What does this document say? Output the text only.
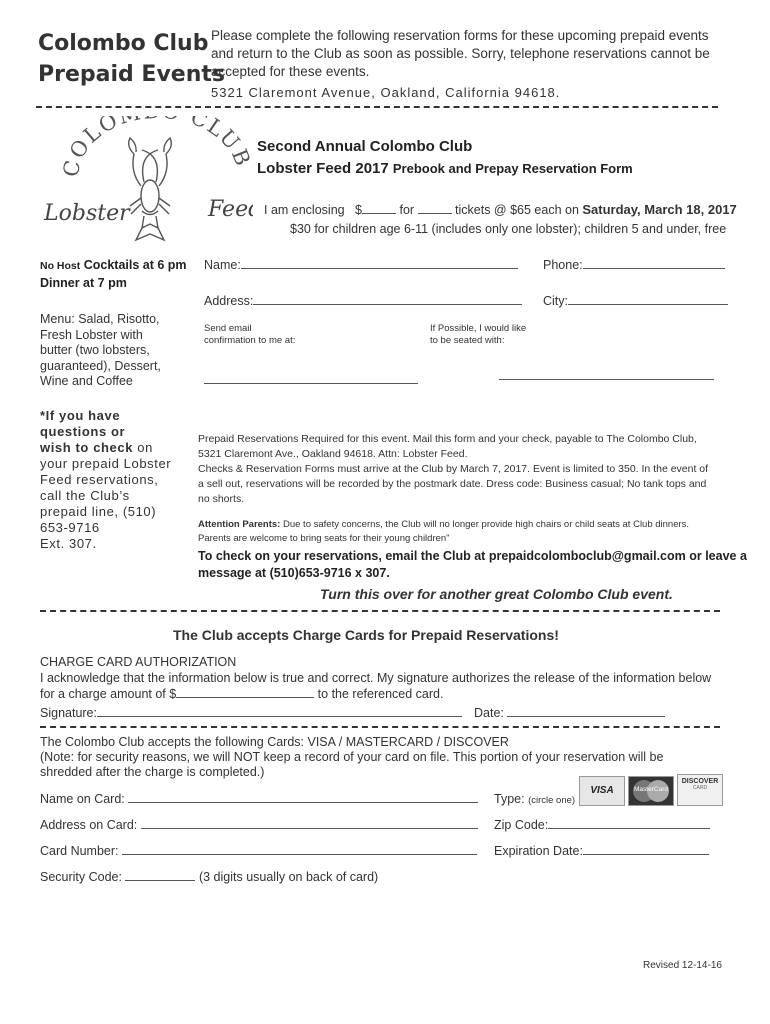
Colombo Club
Prepaid Events
Please complete the following reservation forms for these upcoming prepaid events and return to the Club as soon as possible. Sorry, telephone reservations cannot be accepted for these events.
5321 Claremont Avenue, Oakland, California 94618.
COLO CLUB
Lobster	Fee
Second Annual Colombo Club
Lobster Feed 2017 Prebook and Prepay Reservation Form
I am enclosing $	for	tickets @ $65 each on Saturday, March 18, 2017
$30 for children age 6-11 (includes only one lobster); children 5 and under, free
No Host Cocktails at 6 pm
Dinner at 7 pm
Menu: Salad, Risotto,
Fresh Lobster with
butter (two lobsters,
guaranteed), Dessert,
Wine and Coffee
*If you have
questions or
wish to check on
your prepaid Lobster
Feed reservations,
call the Club’s
prepaid line, (510)
653-9716
Ext. 307.
Name:	Phone:
Address:	City:
Send email
confirmation to me at:
If Possible, I would like
to be seated with:
Prepaid Reservations Required for this event. Mail this form and your check, payable to The Colombo Club,
5321 Claremont Ave., Oakland 94618. Attn: Lobster Feed.
Checks & Reservation Forms must arrive at the Club by March 7, 2017. Event is limited to 350. In the event of
a sell out, reservations will be recorded by the postmark date. Dress code: Business casual; No tank tops and
no shorts.
Attention Parents: Due to safety concerns, the Club will no longer provide high chairs or child seats at Club dinners.
Parents are welcome to bring seats for their young children"
To check on your reservations, email the Club at prepaidcolomboclub@gmail.com or leave a
message at (510)653-9716 x 307.
Turn this over for another great Colombo Club event.
The Club accepts Charge Cards for Prepaid Reservations!
CHARGE CARD AUTHORIZATION
I acknowledge that the information below is true and correct. My signature authorizes the release of the information below
for a charge amount of $	to the referenced card.
Signature:	Date:
The Colombo Club accepts the following Cards: VISA / MASTERCARD / DISCOVER
(Note: for security reasons, we will NOT keep a record of your card on file. This portion of your reservation will be
shredded after the charge is completed.)
Name on Card:	Type: (circle one)
VISA	MasterCard
DISCOVER
CARD
Address on Card:	Zip Code:
Card Number:	Expiration Date:
Security Code:	(3 digits usually on back of card)
Revised 12-14-16
